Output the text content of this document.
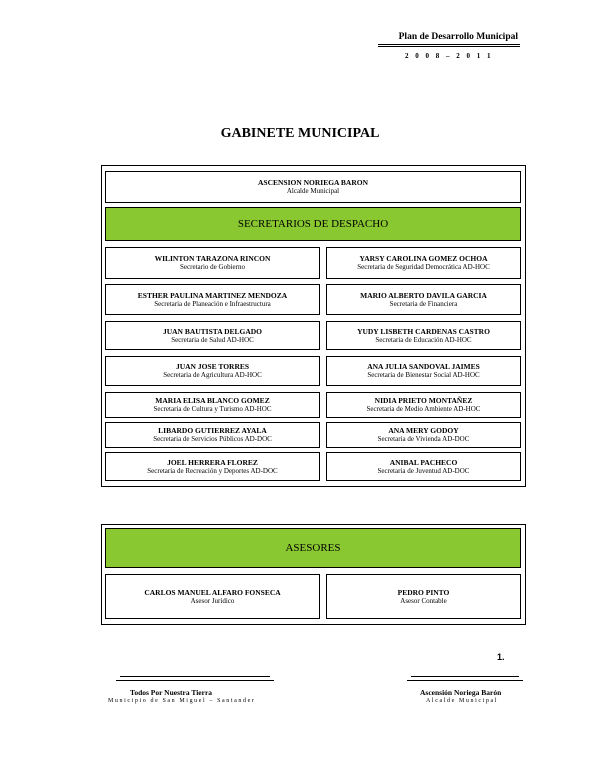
Plan de Desarrollo Municipal
2 0 0 8 – 2 0 1 1
GABINETE MUNICIPAL
ASCENSION NORIEGA BARON
Alcalde Municipal
SECRETARIOS DE DESPACHO
WILINTON TARAZONA RINCON
Secretario de Gobierno
YARSY CAROLINA GOMEZ OCHOA
Secretaria de Seguridad Democrática AD-HOC
ESTHER PAULINA MARTINEZ MENDOZA
Secretaria de Planeación e Infraestructura
MARIO ALBERTO DAVILA GARCIA
Secretaria de Financiera
JUAN BAUTISTA DELGADO
Secretaria de Salud AD-HOC
YUDY LISBETH CARDENAS CASTRO
Secretaria de Educación AD-HOC
JUAN JOSE TORRES
Secretaria de Agricultura AD-HOC
ANA JULIA SANDOVAL JAIMES
Secretaria de Bienestar Social AD-HOC
MARIA ELISA BLANCO GOMEZ
Secretaria de Cultura y Turismo AD-HOC
NIDIA PRIETO MONTAÑEZ
Secretaria de Medio Ambiente AD-HOC
LIBARDO GUTIERREZ AYALA
Secretaria de Servicios Públicos AD-DOC
ANA MERY GODOY
Secretaria de Vivienda AD-DOC
JOEL HERRERA FLOREZ
Secretaria de Recreación y Deportes AD-DOC
ANIBAL PACHECO
Secretaria de Juventud AD-DOC
ASESORES
CARLOS MANUEL ALFARO FONSECA
Asesor Jurídico
PEDRO PINTO
Asesor Contable
1.
Todos Por Nuestra Tierra
Municipio de San Miguel – Santander
Ascensión Noriega Barón
Alcalde Municipal
